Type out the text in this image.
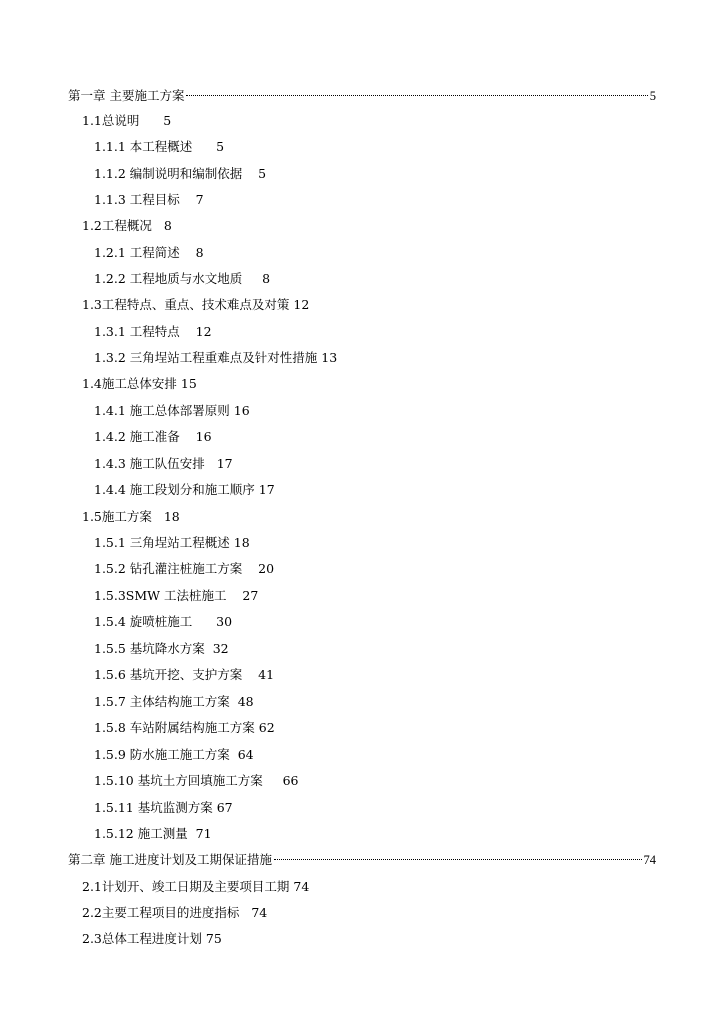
第一章 主要施工方案	5
1.1总说明 5
1.1.1 本工程概述      5
1.1.2 编制说明和编制依据    5
1.1.3 工程目标    7
1.2工程概况 8
1.2.1 工程简述    8
1.2.2 工程地质与水文地质     8
1.3工程特点、重点、技术难点及对策 12
1.3.1 工程特点    12
1.3.2 三角埕站工程重难点及针对性措施 13
1.4施工总体安排 15
1.4.1 施工总体部署原则 16
1.4.2 施工准备    16
1.4.3 施工队伍安排   17
1.4.4 施工段划分和施工顺序 17
1.5施工方案 18
1.5.1 三角埕站工程概述 18
1.5.2 钻孔灌注桩施工方案    20
1.5.3SMW 工法桩施工    27
1.5.4 旋喷桩施工      30
1.5.5 基坑降水方案  32
1.5.6 基坑开挖、支护方案    41
1.5.7 主体结构施工方案  48
1.5.8 车站附属结构施工方案 62
1.5.9 防水施工施工方案  64
1.5.10 基坑土方回填施工方案     66
1.5.11 基坑监测方案 67
1.5.12 施工测量  71
第二章 施工进度计划及工期保证措施	74
2.1计划开、竣工日期及主要项目工期 74
2.2主要工程项目的进度指标 74
2.3总体工程进度计划 75
